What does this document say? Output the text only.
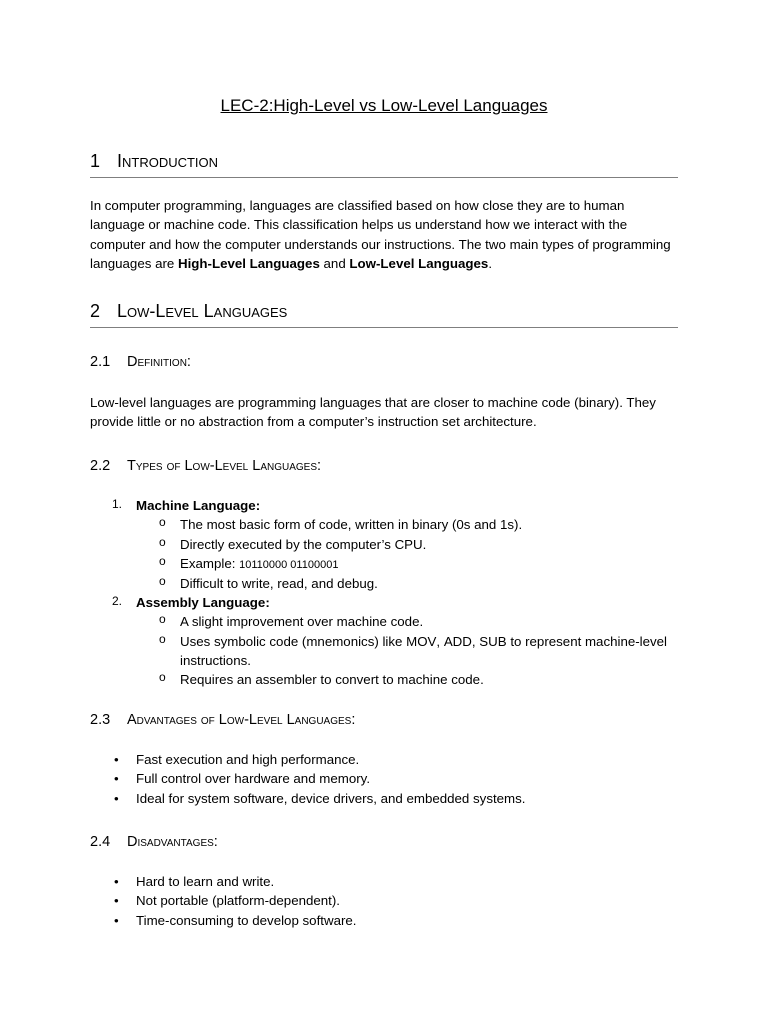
LEC-2:High-Level vs Low-Level Languages
1 Introduction

In computer programming, languages are classified based on how close they are to human language or machine code. This classification helps us understand how we interact with the computer and how the computer understands our instructions. The two main types of programming languages are High-Level Languages and Low-Level Languages.

2 Low-Level Languages
2.1 Definition:

Low-level languages are programming languages that are closer to machine code (binary). They provide little or no abstraction from a computer’s instruction set architecture.

2.2 Types of Low-Level Languages:
1. Machine Language:
o The most basic form of code, written in binary (0s and 1s).
o Directly executed by the computer’s CPU.
o Example: 10110000 01100001
o Difficult to write, read, and debug.
2. Assembly Language:
o A slight improvement over machine code.
o Uses symbolic code (mnemonics) like MOV, ADD, SUB to represent machine-level instructions.
o Requires an assembler to convert to machine code.
2.3 Advantages of Low-Level Languages:
• Fast execution and high performance.
• Full control over hardware and memory.
• Ideal for system software, device drivers, and embedded systems.
2.4 Disadvantages:
• Hard to learn and write.
• Not portable (platform-dependent).
• Time-consuming to develop software.
